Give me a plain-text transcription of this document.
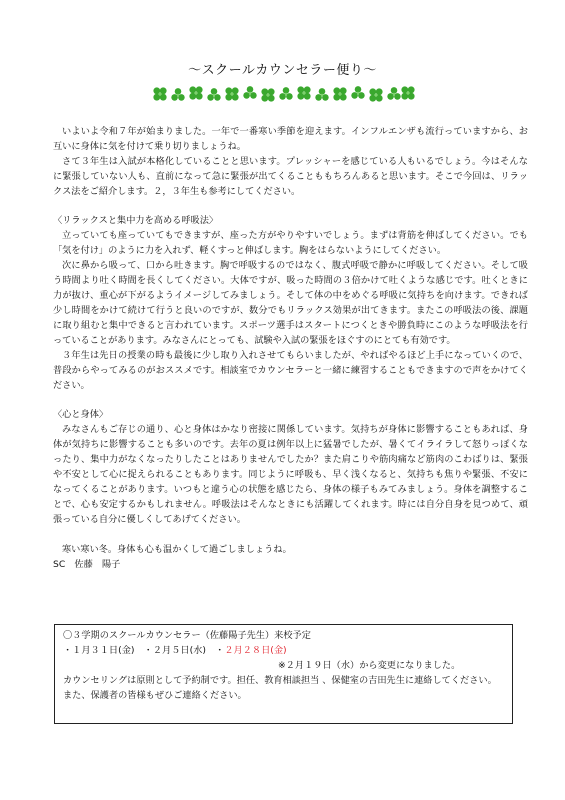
〜スクールカウンセラー便り〜

いよいよ令和７年が始まりました。一年で一番寒い季節を迎えます。インフルエンザも流行っていますから、お互いに身体に気を付けて乗り切りましょうね。

さて３年生は入試が本格化していることと思います。プレッシャーを感じている人もいるでしょう。今はそんなに緊張していない人も、直前になって急に緊張が出てくることももちろんあると思います。そこで今回は、リラックス法をご紹介します。２，３年生も参考にしてください。

〈リラックスと集中力を高める呼吸法〉

立っていても座っていてもできますが、座った方がやりやすいでしょう。まずは背筋を伸ばしてください。でも「気を付け」のように力を入れず、軽くすっと伸ばします。胸をはらないようにしてください。

次に鼻から吸って、口から吐きます。胸で呼吸するのではなく、腹式呼吸で静かに呼吸してください。そして吸う時間より吐く時間を長くしてください。大体ですが、吸った時間の３倍かけて吐くような感じです。吐くときに力が抜け、重心が下がるようイメージしてみましょう。そして体の中をめぐる呼吸に気持ちを向けます。できれば少し時間をかけて続けて行うと良いのですが、数分でもリラックス効果が出てきます。またこの呼吸法の後、課題に取り組むと集中できると言われています。スポーツ選手はスタートにつくときや勝負時にこのような呼吸法を行っていることがあります。みなさんにとっても、試験や入試の緊張をほぐすのにとても有効です。

３年生は先日の授業の時も最後に少し取り入れさせてもらいましたが、やればやるほど上手になっていくので、普段からやってみるのがおススメです。相談室でカウンセラーと一緒に練習することもできますので声をかけてください。

〈心と身体〉

みなさんもご存じの通り、心と身体はかなり密接に関係しています。気持ちが身体に影響することもあれば、身体が気持ちに影響することも多いのです。去年の夏は例年以上に猛暑でしたが、暑くてイライラして怒りっぽくなったり、集中力がなくなったりしたことはありませんでしたか？また肩こりや筋肉痛など筋肉のこわばりは、緊張や不安として心に捉えられることもあります。同じように呼吸も、早く浅くなると、気持ちも焦りや緊張、不安になってくることがあります。いつもと違う心の状態を感じたら、身体の様子もみてみましょう。身体を調整することで、心も安定するかもしれません。呼吸法はそんなときにも活躍してくれます。時には自分自身を見つめて、頑張っている自分に優しくしてあげてください。

寒い寒い冬。身体も心も温かくして過ごしましょうね。

SC　佐藤　陽子

〇３学期のスクールカウンセラー（佐藤陽子先生）来校予定

・１月３１日(金)　・２月５日(水)　・２月２８日(金)

※２月１９日（水）から変更になりました。

カウンセリングは原則として予約制です。担任、教育相談担当 、保健室の吉田先生に連絡してください。また、保護者の皆様もぜひご連絡ください。
